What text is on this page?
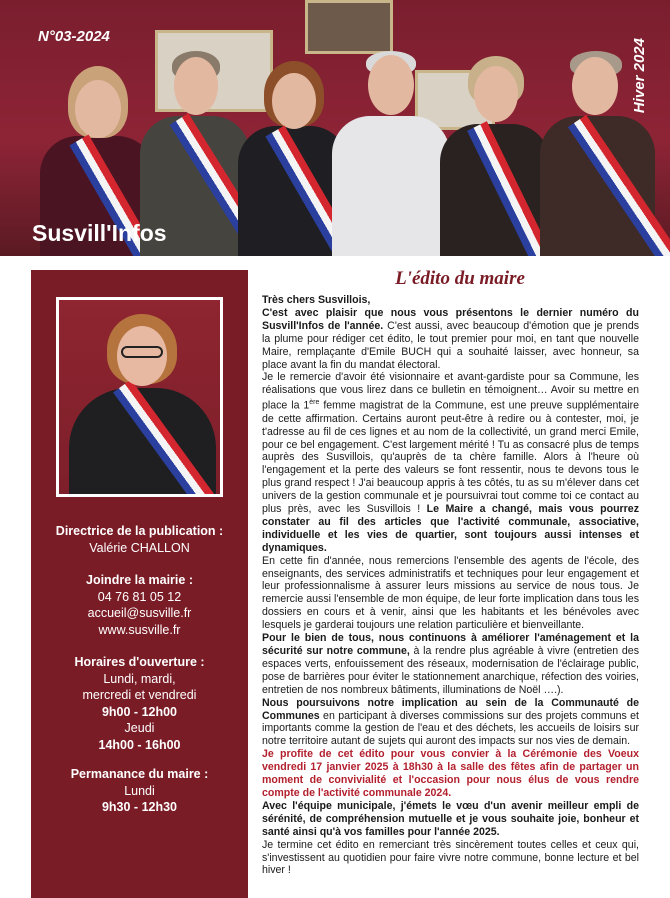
N°03-2024
Hiver 2024
Susvill'Infos
Directrice de la publication :
Valérie CHALLON
Joindre la mairie :
04 76 81 05 12
accueil@susville.fr
www.susville.fr
Horaires d'ouverture :
Lundi, mardi,
mercredi et vendredi
9h00 - 12h00
Jeudi
14h00 - 16h00
Permanance du maire :
Lundi
9h30 - 12h30
L'édito du maire

Très chers Susvillois,

C'est avec plaisir que nous vous présentons le dernier numéro du Susvill'Infos de l'année. C'est aussi, avec beaucoup d'émotion que je prends la plume pour rédiger cet édito, le tout premier pour moi, en tant que nouvelle Maire, remplaçante d'Emile BUCH qui a souhaité laisser, avec honneur, sa place avant la fin du mandat électoral.

Je le remercie d'avoir été visionnaire et avant-gardiste pour sa Commune, les réalisations que vous lirez dans ce bulletin en témoignent… Avoir su mettre en place la 1ère femme magistrat de la Commune, est une preuve supplémentaire de cette affirmation. Certains auront peut-être à redire ou à contester, moi, je t'adresse au fil de ces lignes et au nom de la collectivité, un grand merci Emile, pour ce bel engagement. C'est largement mérité ! Tu as consacré plus de temps auprès des Susvillois, qu'auprès de ta chère famille. Alors à l'heure où l'engagement et la perte des valeurs se font ressentir, nous te devons tous le plus grand respect ! J'ai beaucoup appris à tes côtés, tu as su m'élever dans cet univers de la gestion communale et je poursuivrai tout comme toi ce contact au plus près, avec les Susvillois ! Le Maire a changé, mais vous pourrez constater au fil des articles que l'activité communale, associative, individuelle et les vies de quartier, sont toujours aussi intenses et dynamiques.

En cette fin d'année, nous remercions l'ensemble des agents de l'école, des enseignants, des services administratifs et techniques pour leur engagement et leur professionnalisme à assurer leurs missions au service de nous tous. Je remercie aussi l'ensemble de mon équipe, de leur forte implication dans tous les dossiers en cours et à venir, ainsi que les habitants et les bénévoles avec lesquels je garderai toujours une relation particulière et bienveillante.

Pour le bien de tous, nous continuons à améliorer l'aménagement et la sécurité sur notre commune, à la rendre plus agréable à vivre (entretien des espaces verts, enfouissement des réseaux, modernisation de l'éclairage public, pose de barrières pour éviter le stationnement anarchique, réfection des voiries, entretien de nos nombreux bâtiments, illuminations de Noël ….).

Nous poursuivons notre implication au sein de la Communauté de Communes en participant à diverses commissions sur des projets communs et importants comme la gestion de l'eau et des déchets, les accueils de loisirs sur notre territoire autant de sujets qui auront des impacts sur nos vies de demain.

Je profite de cet édito pour vous convier à la Cérémonie des Voeux vendredi 17 janvier 2025 à 18h30 à la salle des fêtes afin de partager un moment de convivialité et l'occasion pour nous élus de vous rendre compte de l'activité communale 2024.

Avec l'équipe municipale, j'émets le vœu d'un avenir meilleur empli de sérénité, de compréhension mutuelle et je vous souhaite joie, bonheur et santé ainsi qu'à vos familles pour l'année 2025.

Je termine cet édito en remerciant très sincèrement toutes celles et ceux qui, s'investissent au quotidien pour faire vivre notre commune, bonne lecture et bel hiver !
